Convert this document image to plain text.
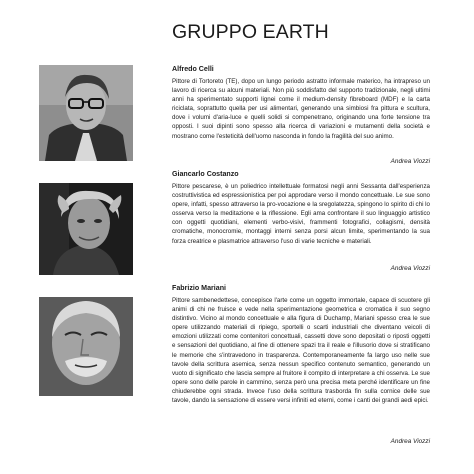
GRUPPO EARTH

Alfredo Celli

Pittore di Tortoreto (TE), dopo un lungo periodo astratto informale materico, ha intrapreso un lavoro di ricerca su alcuni materiali. Non più soddisfatto del supporto tradizionale, negli ultimi anni ha sperimentato supporti lignei come il medium-density fibreboard (MDF) e la carta riciclata, soprattutto quella per usi alimentari, generando una simbiosi fra pittura e scultura, dove i volumi d'aria-luce e quelli solidi si compenetrano, originando una forte tensione tra opposti. I suoi dipinti sono spesso alla ricerca di variazioni e mutamenti della società e mostrano come l'esteticità dell'uomo nasconda in fondo la fragilità del suo animo.

Andrea Viozzi

Giancarlo Costanzo

Pittore pescarese, è un poliedrico intellettuale formatosi negli anni Sessanta dall'esperienza costruttivistica ed espressionistica per poi approdare verso il mondo concettuale. Le sue sono opere, infatti, spesso attraverso la pro-vocazione e la sregolatezza, spingono lo spirito di chi lo osserva verso la meditazione e la riflessione. Egli ama confrontare il suo linguaggio artistico con oggetti quotidiani, elementi verbo-visivi, frammenti fotografici, collagismi, densità cromatiche, monocromie, montaggi interni senza porsi alcun limite, sperimentando la sua forza creatrice e plasmatrice attraverso l'uso di varie tecniche e materiali.

Andrea Viozzi

Fabrizio Mariani

Pittore sambenedettese, concepisce l'arte come un oggetto immortale, capace di scuotere gli animi di chi ne fruisce e vede nella sperimentazione geometrica e cromatica il suo segno distintivo. Vicino al mondo concettuale e alla figura di Duchamp, Mariani spesso crea le sue opere utilizzando materiali di ripiego, sportelli o scarti industriali che diventano veicoli di emozioni utilizzati come contenitori concettuali, cassetti dove sono depositati o riposti oggetti e sensazioni del quotidiano, al fine di ottenere spazi tra il reale e l'illusorio dove si stratificano le memorie che s'intravedono in trasparenza. Contemporaneamente fa largo uso nelle sue tavole della scrittura asemica, senza nessun specifico contenuto semantico, generando un vuoto di significato che lascia sempre al fruitore il compito di interpretare a chi osserva. Le sue opere sono delle parole in cammino, senza però una precisa meta perché identificare un fine chiuderebbe ogni strada. Invece l'uso della scrittura trasborda fin sulla cornice delle sue tavole, dando la sensazione di essere versi infiniti ed eterni, come i canti dei grandi aedi epici.

Andrea Viozzi
